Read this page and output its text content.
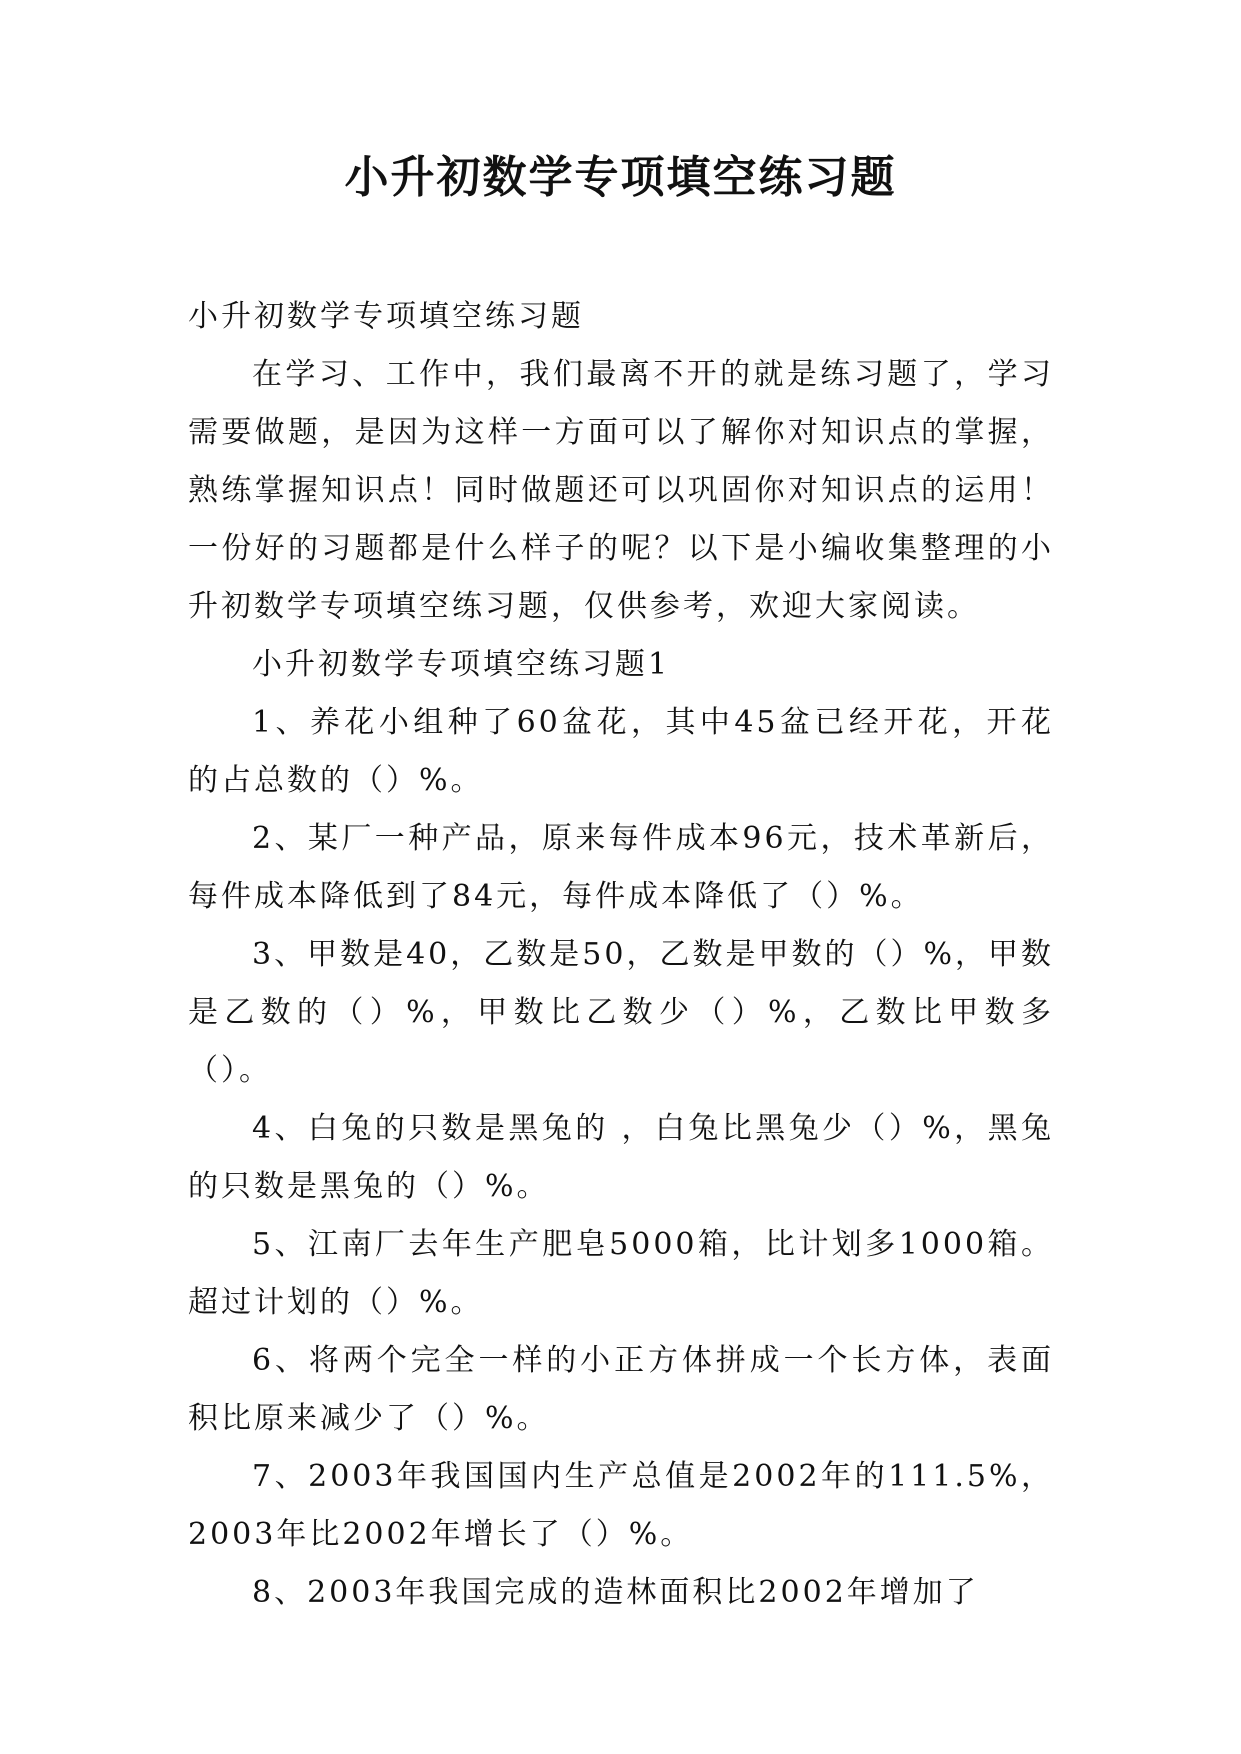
小升初数学专项填空练习题

小升初数学专项填空练习题

在学习、工作中，我们最离不开的就是练习题了，学习需要做题，是因为这样一方面可以了解你对知识点的掌握，熟练掌握知识点！同时做题还可以巩固你对知识点的运用！一份好的习题都是什么样子的呢？以下是小编收集整理的小升初数学专项填空练习题，仅供参考，欢迎大家阅读。

小升初数学专项填空练习题1

1、养花小组种了60盆花，其中45盆已经开花，开花的占总数的（）%。

2、某厂一种产品，原来每件成本96元，技术革新后，每件成本降低到了84元，每件成本降低了（）%。

3、甲数是40，乙数是50，乙数是甲数的（）%，甲数是乙数的（）%，甲数比乙数少（）%，乙数比甲数多（）。

4、白兔的只数是黑兔的 ，白兔比黑兔少（）%，黑兔的只数是黑兔的（）%。

5、江南厂去年生产肥皂5000箱，比计划多1000箱。超过计划的（）%。

6、将两个完全一样的小正方体拼成一个长方体，表面积比原来减少了（）%。

7、2003年我国国内生产总值是2002年的111.5%，2003年比2002年增长了（）%。

8、2003年我国完成的造林面积比2002年增加了
